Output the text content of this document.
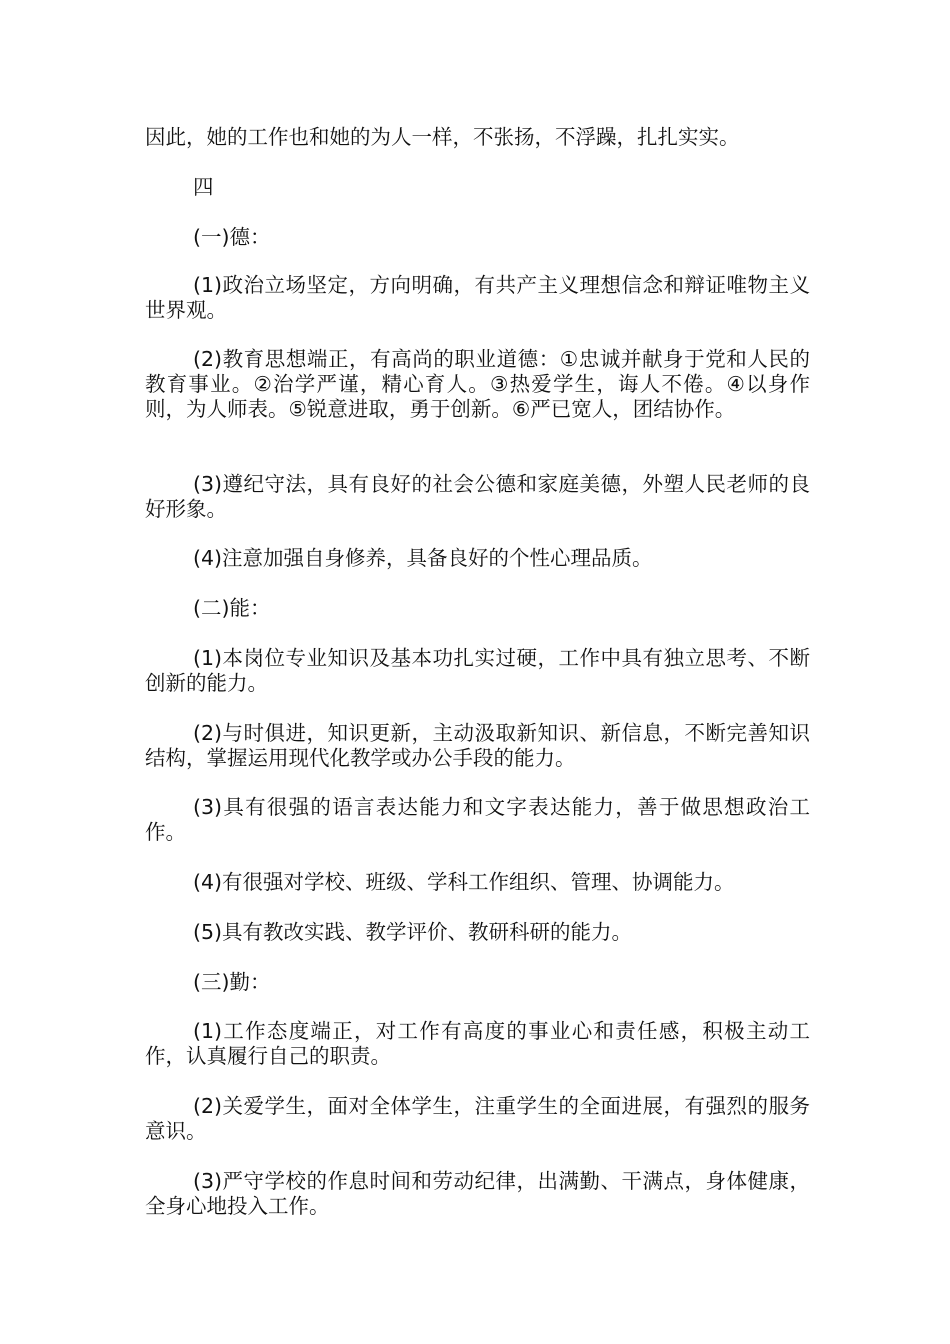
因此，她的工作也和她的为人一样，不张扬，不浮躁，扎扎实实。

四

(一)德：

(1)政治立场坚定，方向明确，有共产主义理想信念和辩证唯物主义世界观。

(2)教育思想端正，有高尚的职业道德：①忠诚并献身于党和人民的教育事业。②治学严谨，精心育人。③热爱学生，诲人不倦。④以身作则，为人师表。⑤锐意进取，勇于创新。⑥严已宽人，团结协作。

(3)遵纪守法，具有良好的社会公德和家庭美德，外塑人民老师的良好形象。

(4)注意加强自身修养，具备良好的个性心理品质。

(二)能：

(1)本岗位专业知识及基本功扎实过硬，工作中具有独立思考、不断创新的能力。

(2)与时俱进，知识更新，主动汲取新知识、新信息，不断完善知识结构，掌握运用现代化教学或办公手段的能力。

(3)具有很强的语言表达能力和文字表达能力，善于做思想政治工作。

(4)有很强对学校、班级、学科工作组织、管理、协调能力。

(5)具有教改实践、教学评价、教研科研的能力。

(三)勤：

(1)工作态度端正，对工作有高度的事业心和责任感，积极主动工作，认真履行自己的职责。

(2)关爱学生，面对全体学生，注重学生的全面进展，有强烈的服务意识。

(3)严守学校的作息时间和劳动纪律，出满勤、干满点，身体健康，全身心地投入工作。
